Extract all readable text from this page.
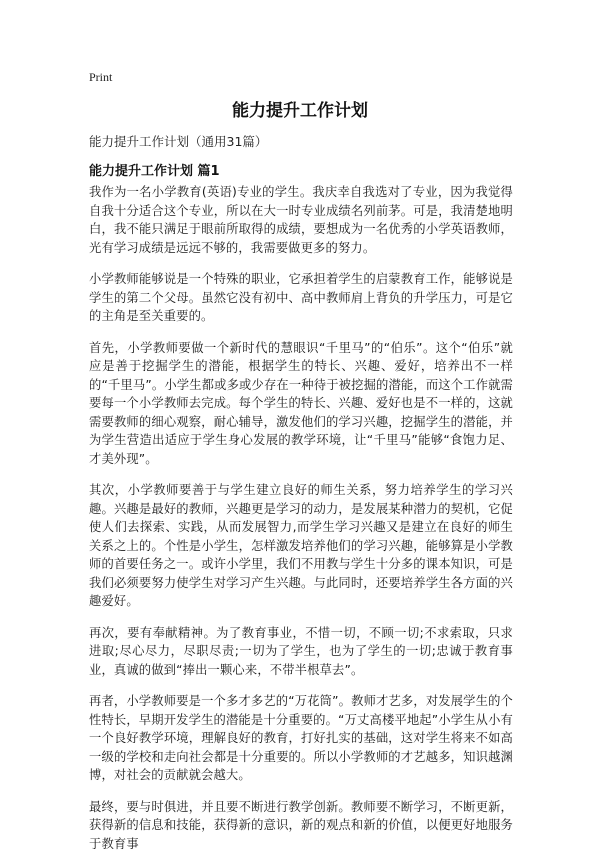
Print
能力提升工作计划

能力提升工作计划（通用31篇）

能力提升工作计划 篇1

我作为一名小学教育(英语)专业的学生。我庆幸自我选对了专业，因为我觉得自我十分适合这个专业，所以在大一时专业成绩名列前茅。可是，我清楚地明白，我不能只满足于眼前所取得的成绩，要想成为一名优秀的小学英语教师，光有学习成绩是远远不够的，我需要做更多的努力。

小学教师能够说是一个特殊的职业，它承担着学生的启蒙教育工作，能够说是学生的第二个父母。虽然它没有初中、高中教师肩上背负的升学压力，可是它的主角是至关重要的。

首先，小学教师要做一个新时代的慧眼识“千里马”的“伯乐”。这个“伯乐”就应是善于挖掘学生的潜能，根据学生的特长、兴趣、爱好，培养出不一样的“千里马”。小学生都或多或少存在一种待于被挖掘的潜能，而这个工作就需要每一个小学教师去完成。每个学生的特长、兴趣、爱好也是不一样的，这就需要教师的细心观察，耐心辅导，激发他们的学习兴趣，挖掘学生的潜能，并为学生营造出适应于学生身心发展的教学环境，让“千里马”能够“食饱力足、才美外现”。

其次，小学教师要善于与学生建立良好的师生关系，努力培养学生的学习兴趣。兴趣是最好的教师，兴趣更是学习的动力，是发展某种潜力的契机，它促使人们去探索、实践，从而发展智力,而学生学习兴趣又是建立在良好的师生关系之上的。个性是小学生，怎样激发培养他们的学习兴趣，能够算是小学教师的首要任务之一。或许小学里，我们不用教与学生十分多的课本知识，可是我们必须要努力使学生对学习产生兴趣。与此同时，还要培养学生各方面的兴趣爱好。

再次，要有奉献精神。为了教育事业，不惜一切，不顾一切;不求索取，只求进取;尽心尽力，尽职尽责;一切为了学生，也为了学生的一切;忠诚于教育事业，真诚的做到“捧出一颗心来，不带半根草去”。

再者，小学教师要是一个多才多艺的“万花筒”。教师才艺多，对发展学生的个性特长，早期开发学生的潜能是十分重要的。“万丈高楼平地起”小学生从小有一个良好教学环境，理解良好的教育，打好扎实的基础，这对学生将来不如高一级的学校和走向社会都是十分重要的。所以小学教师的才艺越多，知识越渊博，对社会的贡献就会越大。

最终，要与时俱进，并且要不断进行教学创新。教师要不断学习，不断更新，获得新的信息和技能，获得新的意识，新的观点和新的价值，以便更好地服务于教育事
